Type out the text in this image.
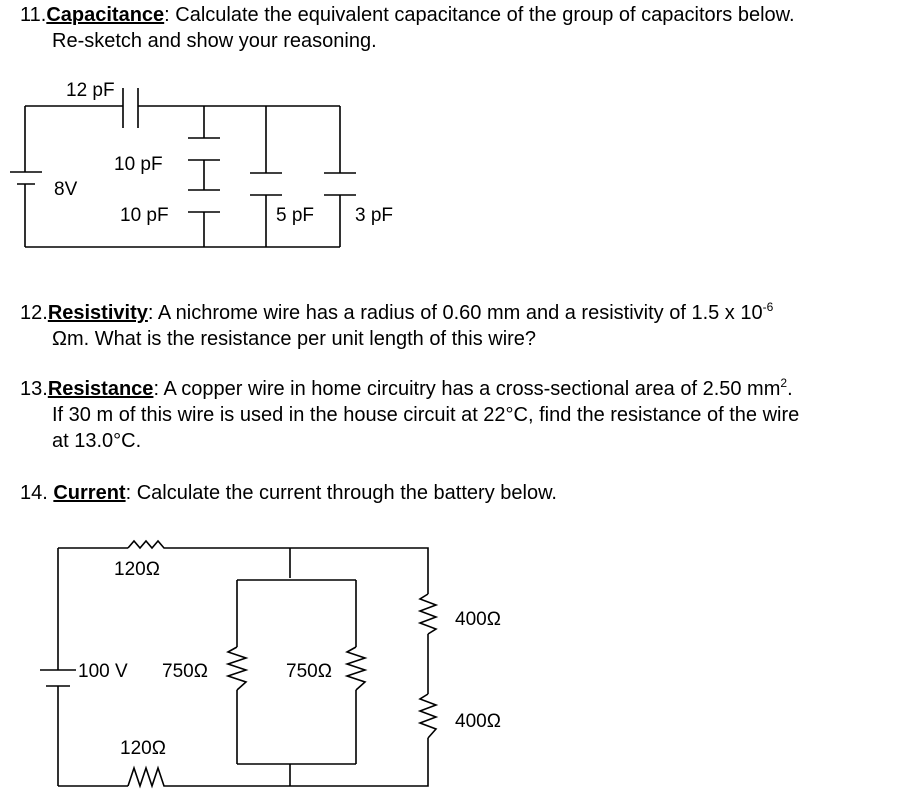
11.Capacitance: Calculate the equivalent capacitance of the group of capacitors below.
Re-sketch and show your reasoning.

12 pF
10 pF
10 pF	5 pF 3 pF
8V

12.Resistivity: A nichrome wire has a radius of 0.60 mm and a resistivity of 1.5 x $10^{-6}$
Ωm. What is the resistance per unit length of this wire?

13.Resistance: A copper wire in home circuitry has a cross-sectional area of 2.50 $mm^2$.
If 30 m of this wire is used in the house circuit at 22°C, find the resistance of the wire
at 13.0°C.

14. Current: Calculate the current through the battery below.

120Ω
100 V 750Ω	750Ω
400Ω
400Ω
120Ω
